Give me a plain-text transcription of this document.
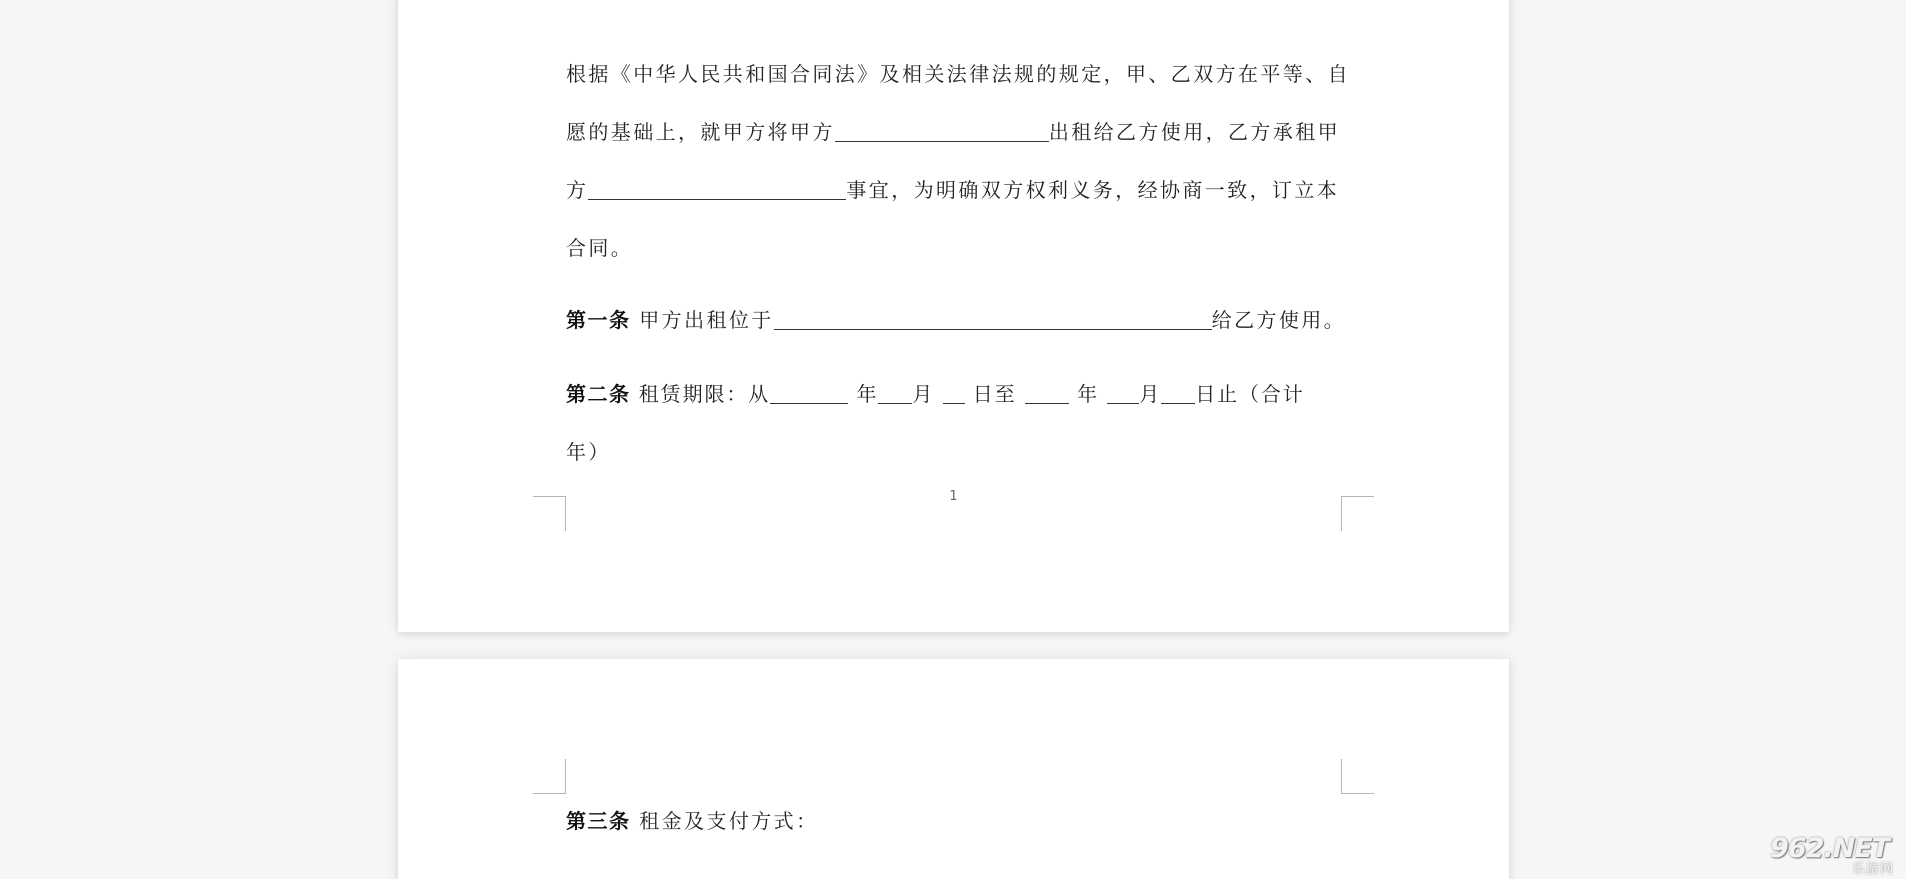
根据《中华人民共和国合同法》及相关法律法规的规定，甲、乙双方在平等、自
愿的基础上，就甲方将甲方	出租给乙方使用，乙方承租甲
方	事宜，为明确双方权利义务，经协商一致，订立本
合同。
第一条 甲方出租位于	给乙方使用。
第二条 租赁期限：从	年 月 日至	年 月 日止（合计
年）
1
第三条 租金及支付方式：
962.NET
乐游网
